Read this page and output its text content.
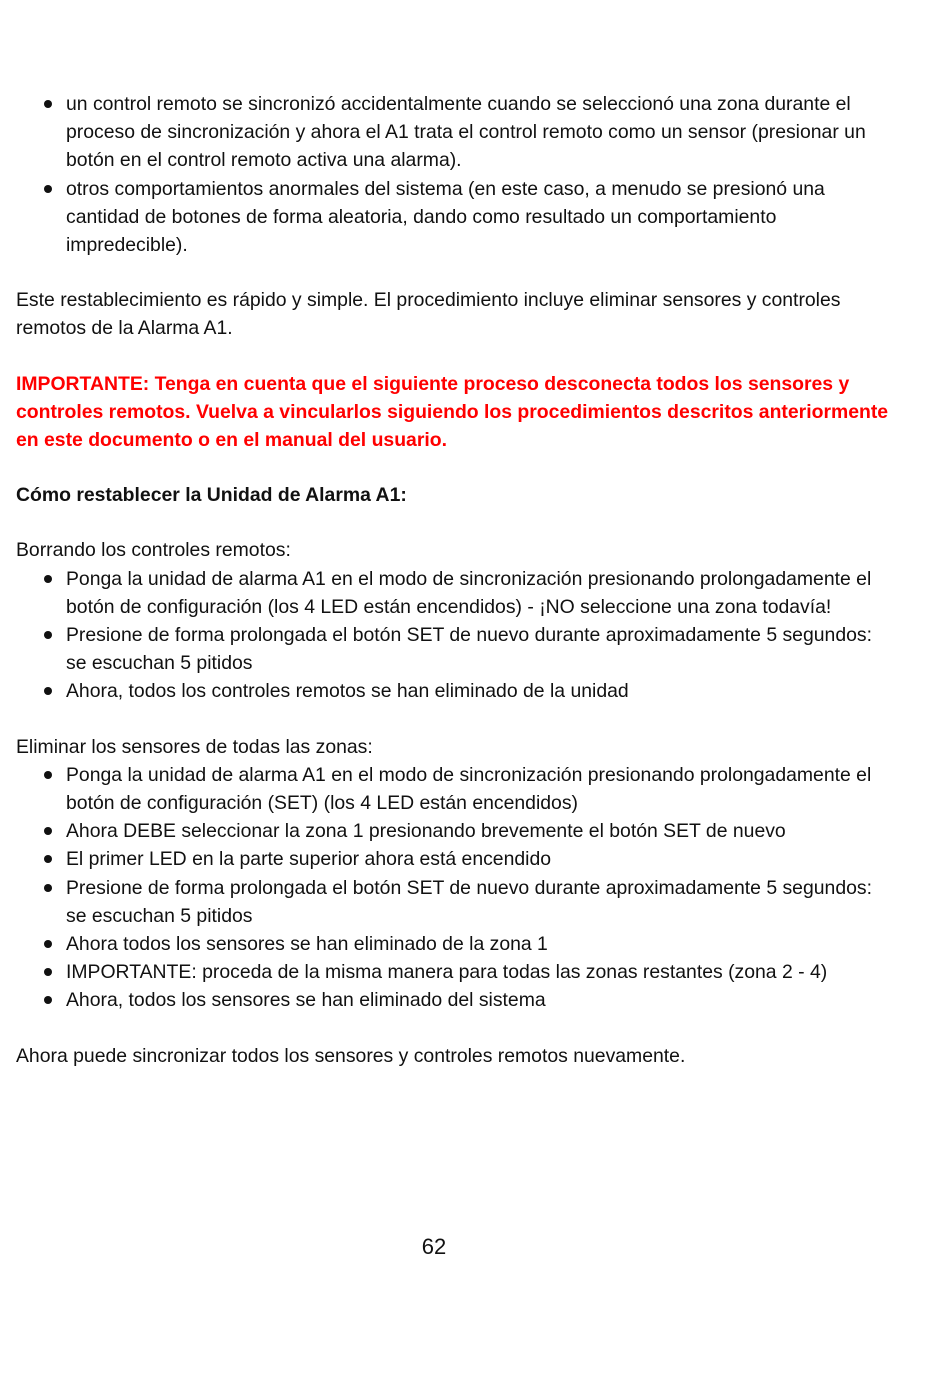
un control remoto se sincronizó accidentalmente cuando se seleccionó una zona durante el proceso de sincronización y ahora el A1 trata el control remoto como un sensor (presionar un botón en el control remoto activa una alarma).
otros comportamientos anormales del sistema (en este caso, a menudo se presionó una cantidad de botones de forma aleatoria, dando como resultado un comportamiento impredecible).

Este restablecimiento es rápido y simple. El procedimiento incluye eliminar sensores y controles remotos de la Alarma A1.

IMPORTANTE: Tenga en cuenta que el siguiente proceso desconecta todos los sensores y controles remotos. Vuelva a vincularlos siguiendo los procedimientos descritos anteriormente en este documento o en el manual del usuario.

Cómo restablecer la Unidad de Alarma A1:

Borrando los controles remotos:

Ponga la unidad de alarma A1 en el modo de sincronización presionando prolongadamente el botón de configuración (los 4 LED están encendidos) - ¡NO seleccione una zona todavía!
Presione de forma prolongada el botón SET de nuevo durante aproximadamente 5 segundos: se escuchan 5 pitidos
Ahora, todos los controles remotos se han eliminado de la unidad

Eliminar los sensores de todas las zonas:

Ponga la unidad de alarma A1 en el modo de sincronización presionando prolongadamente el botón de configuración (SET) (los 4 LED están encendidos)
Ahora DEBE seleccionar la zona 1 presionando brevemente el botón SET de nuevo
El primer LED en la parte superior ahora está encendido
Presione de forma prolongada el botón SET de nuevo durante aproximadamente 5 segundos: se escuchan 5 pitidos
Ahora todos los sensores se han eliminado de la zona 1
IMPORTANTE: proceda de la misma manera para todas las zonas restantes (zona 2 - 4)
Ahora, todos los sensores se han eliminado del sistema

Ahora puede sincronizar todos los sensores y controles remotos nuevamente.

62
